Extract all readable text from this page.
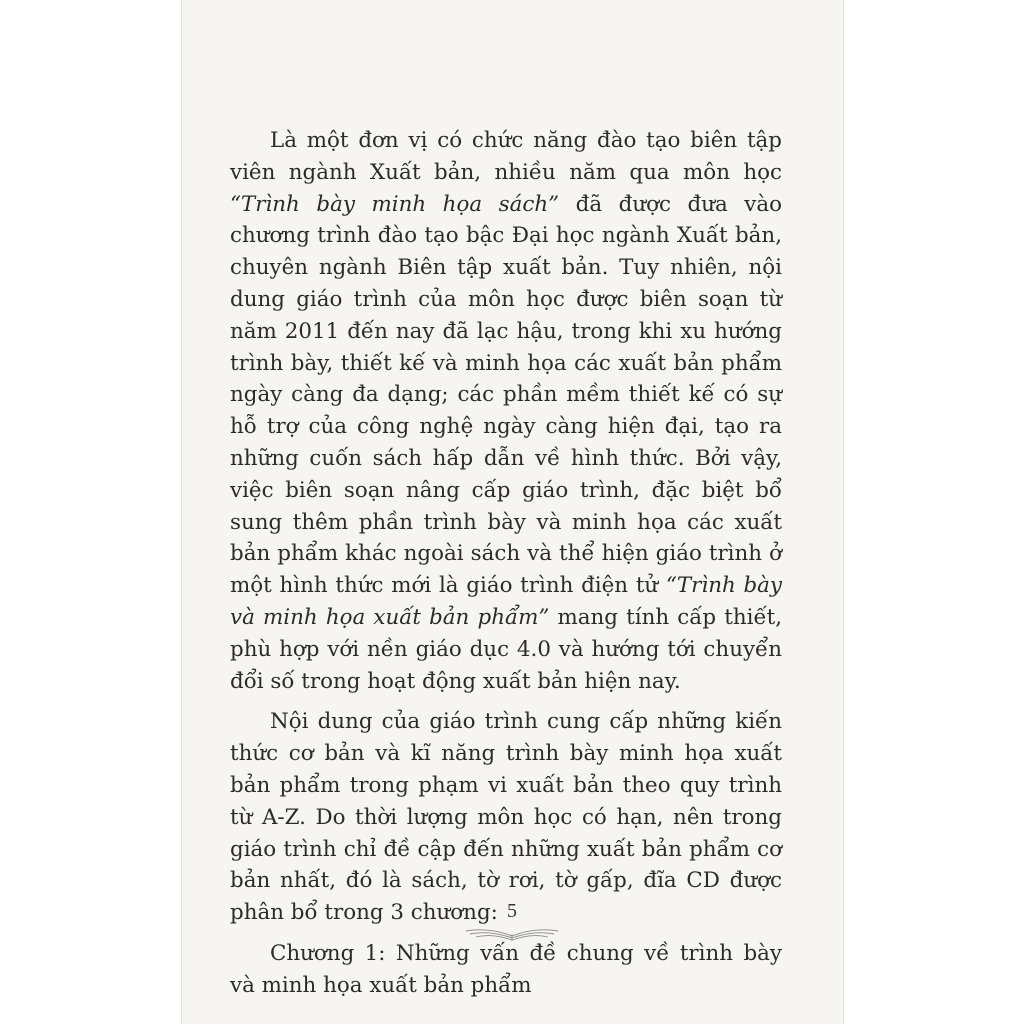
Là một đơn vị có chức năng đào tạo biên tập viên ngành Xuất bản, nhiều năm qua môn học “Trình bày minh họa sách” đã được đưa vào chương trình đào tạo bậc Đại học ngành Xuất bản, chuyên ngành Biên tập xuất bản. Tuy nhiên, nội dung giáo trình của môn học được biên soạn từ năm 2011 đến nay đã lạc hậu, trong khi xu hướng trình bày, thiết kế và minh họa các xuất bản phẩm ngày càng đa dạng; các phần mềm thiết kế có sự hỗ trợ của công nghệ ngày càng hiện đại, tạo ra những cuốn sách hấp dẫn về hình thức. Bởi vậy, việc biên soạn nâng cấp giáo trình, đặc biệt bổ sung thêm phần trình bày và minh họa các xuất bản phẩm khác ngoài sách và thể hiện giáo trình ở một hình thức mới là giáo trình điện tử “Trình bày và minh họa xuất bản phẩm” mang tính cấp thiết, phù hợp với nền giáo dục 4.0 và hướng tới chuyển đổi số trong hoạt động xuất bản hiện nay.

Nội dung của giáo trình cung cấp những kiến thức cơ bản và kĩ năng trình bày minh họa xuất bản phẩm trong phạm vi xuất bản theo quy trình từ A-Z. Do thời lượng môn học có hạn, nên trong giáo trình chỉ đề cập đến những xuất bản phẩm cơ bản nhất, đó là sách, tờ rơi, tờ gấp, đĩa CD được phân bổ trong 3 chương:

Chương 1: Những vấn đề chung về trình bày và minh họa xuất bản phẩm

5
